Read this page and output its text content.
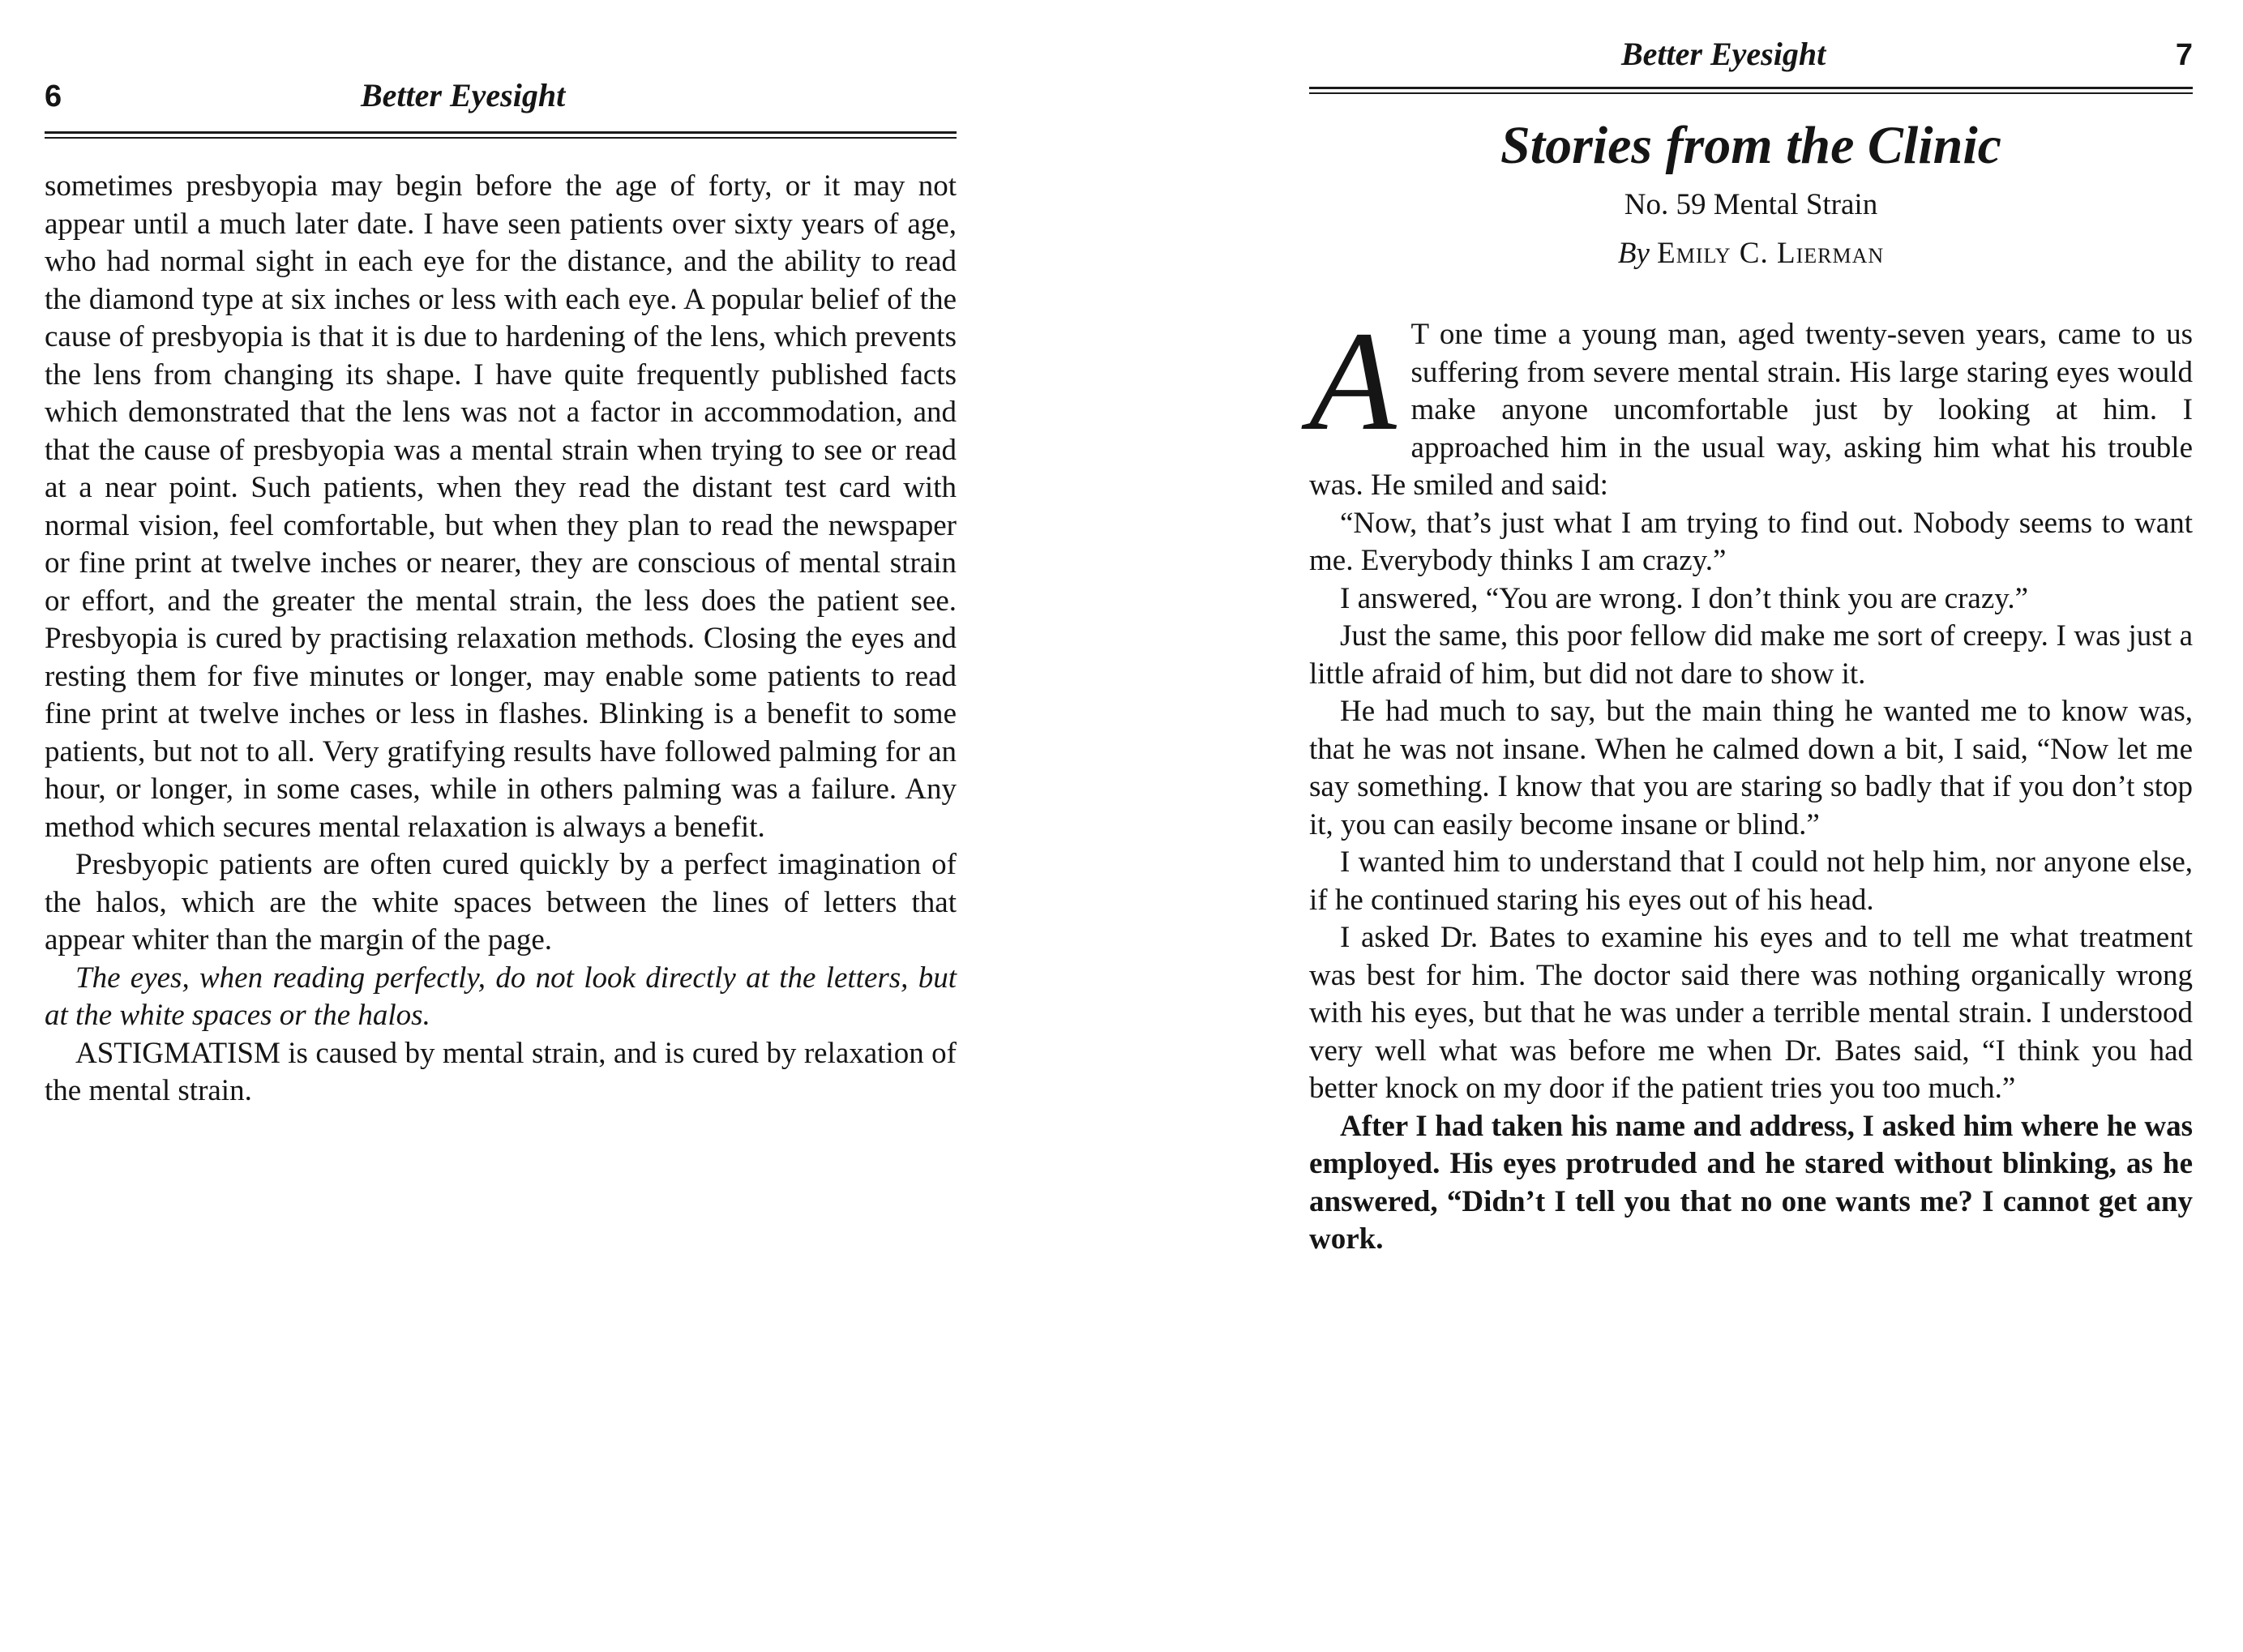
6	Better Eyesight

sometimes presbyopia may begin before the age of forty, or it may not appear until a much later date. I have seen patients over sixty years of age, who had normal sight in each eye for the distance, and the ability to read the diamond type at six inches or less with each eye. A popular belief of the cause of presbyopia is that it is due to hardening of the lens, which prevents the lens from changing its shape. I have quite frequently published facts which demonstrated that the lens was not a factor in accommodation, and that the cause of presbyopia was a mental strain when trying to see or read at a near point. Such patients, when they read the distant test card with normal vision, feel comfortable, but when they plan to read the newspaper or fine print at twelve inches or nearer, they are conscious of mental strain or effort, and the greater the mental strain, the less does the patient see. Presbyopia is cured by practising relaxation methods. Closing the eyes and resting them for five minutes or longer, may enable some patients to read fine print at twelve inches or less in flashes. Blinking is a benefit to some patients, but not to all. Very gratifying results have followed palming for an hour, or longer, in some cases, while in others palming was a failure. Any method which secures mental relaxation is always a benefit.

Presbyopic patients are often cured quickly by a perfect imagination of the halos, which are the white spaces between the lines of letters that appear whiter than the margin of the page.

The eyes, when reading perfectly, do not look directly at the letters, but at the white spaces or the halos.

ASTIGMATISM is caused by mental strain, and is cured by relaxation of the mental strain.

Better Eyesight	7
Stories from the Clinic
No. 59 Mental Strain
By Emily C. Lierman

A T one time a young man, aged twenty-seven years, came to us suffering from severe mental strain. His large staring eyes would make anyone uncomfortable just by looking at him. I approached him in the usual way, asking him what his trouble was. He smiled and said:

“Now, that’s just what I am trying to find out. Nobody seems to want me. Everybody thinks I am crazy.”

I answered, “You are wrong. I don’t think you are crazy.”

Just the same, this poor fellow did make me sort of creepy. I was just a little afraid of him, but did not dare to show it.

He had much to say, but the main thing he wanted me to know was, that he was not insane. When he calmed down a bit, I said, “Now let me say something. I know that you are staring so badly that if you don’t stop it, you can easily become insane or blind.”

I wanted him to understand that I could not help him, nor anyone else, if he continued staring his eyes out of his head.

I asked Dr. Bates to examine his eyes and to tell me what treatment was best for him. The doctor said there was nothing organically wrong with his eyes, but that he was under a terrible mental strain. I understood very well what was before me when Dr. Bates said, “I think you had better knock on my door if the patient tries you too much.”

After I had taken his name and address, I asked him where he was employed. His eyes protruded and he stared without blinking, as he answered, “Didn’t I tell you that no one wants me? I cannot get any work.
